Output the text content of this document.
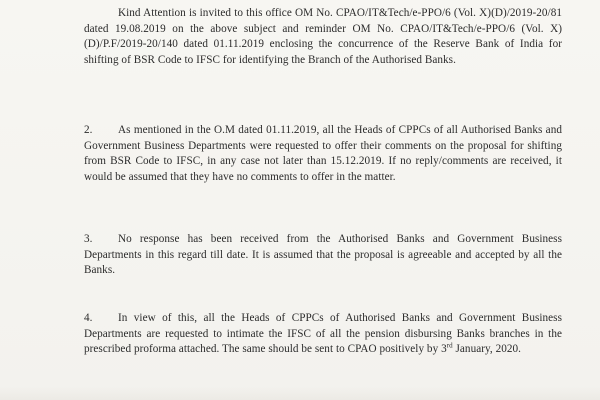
Kind Attention is invited to this office OM No. CPAO/IT&Tech/e-PPO/6 (Vol. X)(D)/2019-20/81 dated 19.08.2019 on the above subject and reminder OM No. CPAO/IT&Tech/e-PPO/6 (Vol. X)(D)/P.F/2019-20/140 dated 01.11.2019 enclosing the concurrence of the Reserve Bank of India for shifting of BSR Code to IFSC for identifying the Branch of the Authorised Banks.

2. As mentioned in the O.M dated 01.11.2019, all the Heads of CPPCs of all Authorised Banks and Government Business Departments were requested to offer their comments on the proposal for shifting from BSR Code to IFSC, in any case not later than 15.12.2019. If no reply/comments are received, it would be assumed that they have no comments to offer in the matter.

3. No response has been received from the Authorised Banks and Government Business Departments in this regard till date. It is assumed that the proposal is agreeable and accepted by all the Banks.

4. In view of this, all the Heads of CPPCs of Authorised Banks and Government Business Departments are requested to intimate the IFSC of all the pension disbursing Banks branches in the prescribed proforma attached. The same should be sent to CPAO positively by 3rd January, 2020.
